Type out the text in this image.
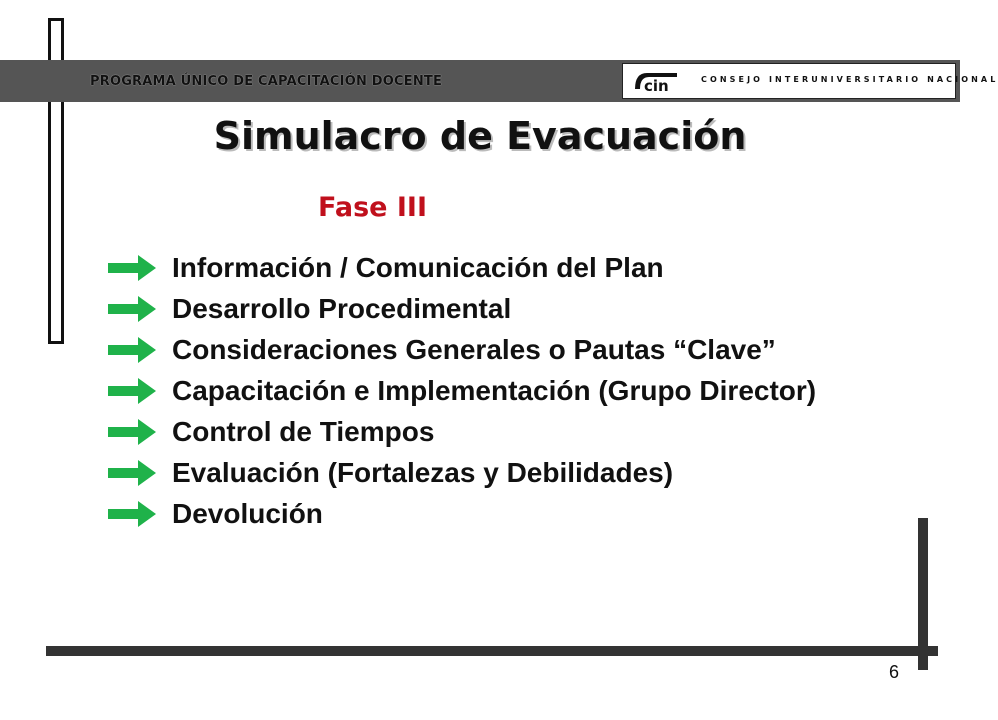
PROGRAMA ÚNICO DE CAPACITACIÓN DOCENTE	cin	CONSEJO INTERUNIVERSITARIO NACIONAL
Simulacro de Evacuación
Fase III
Información / Comunicación del Plan
Desarrollo Procedimental
Consideraciones Generales o Pautas “Clave”
Capacitación e Implementación (Grupo Director)
Control de Tiempos
Evaluación (Fortalezas y Debilidades)
Devolución
6
